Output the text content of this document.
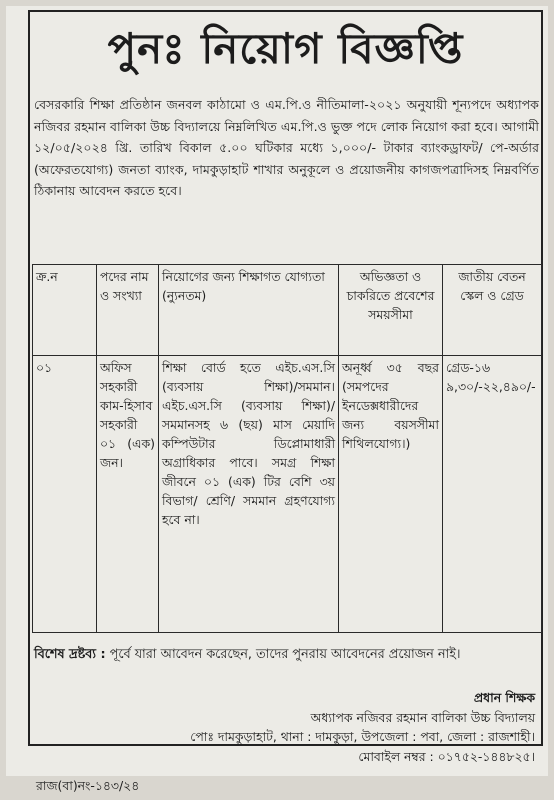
পুনঃ নিয়োগ বিজ্ঞপ্তি
বেসরকারি শিক্ষা প্রতিষ্ঠান জনবল কাঠামো ও এম.পি.ও নীতিমালা-২০২১ অনুযায়ী শূন্যপদে অধ্যাপক নজিবর রহমান বালিকা উচ্চ বিদ্যালয়ে নিম্নলিখিত এম.পি.ও ভুক্ত পদে লোক নিয়োগ করা হবে। আগামী ১২/০৫/২০২৪ খ্রি. তারিখ বিকাল ৫.০০ ঘটিকার মধ্যে ১,০০০/- টাকার ব্যাংকড্রাফট/ পে-অর্ডার (অফেরতযোগ্য) জনতা ব্যাংক, দামকুড়াহাট শাখার অনুকূলে ও প্রয়োজনীয় কাগজপত্রাদিসহ নিম্নবর্ণিত ঠিকানায় আবেদন করতে হবে।
ক্র.ন	পদের নাম ও সংখ্যা	নিয়োগের জন্য শিক্ষাগত যোগ্যতা (ন্যুনতম)	অভিজ্ঞতা ও চাকরিতে প্রবেশের সময়সীমা	জাতীয় বেতন স্কেল ও গ্রেড
০১	অফিস সহকারী কাম-হিসাব সহকারী ০১ (এক) জন।	শিক্ষা বোর্ড হতে এইচ.এস.সি (ব্যবসায় শিক্ষা)/সমমান। এইচ.এস.সি (ব্যবসায় শিক্ষা)/সমমানসহ ৬ (ছয়) মাস মেয়াদি কম্পিউটার ডিপ্লোমাধারী অগ্রাধিকার পাবে। সমগ্র শিক্ষা জীবনে ০১ (এক) টির বেশি ৩য় বিভাগ/ শ্রেণি/ সমমান গ্রহণযোগ্য হবে না।	অনূর্ধ্ব ৩৫ বছর (সমপদের ইনডেক্সধারীদের জন্য বয়সসীমা শিথিলযোগ্য।)	গ্রেড-১৬ ৯,৩০/-২২,৪৯০/-
বিশেষ দ্রষ্টব্য : পূর্বে যারা আবেদন করেছেন, তাদের পুনরায় আবেদনের প্রয়োজন নাই।
প্রধান শিক্ষক
অধ্যাপক নজিবর রহমান বালিকা উচ্চ বিদ্যালয়
পোঃ দামকুড়াহাট, থানা : দামকুড়া, উপজেলা : পবা, জেলা : রাজশাহী।
মোবাইল নম্বর : ০১৭৫২-১৪৪৮২৫।
রাজ(বা)নং-১৪৩/২৪
